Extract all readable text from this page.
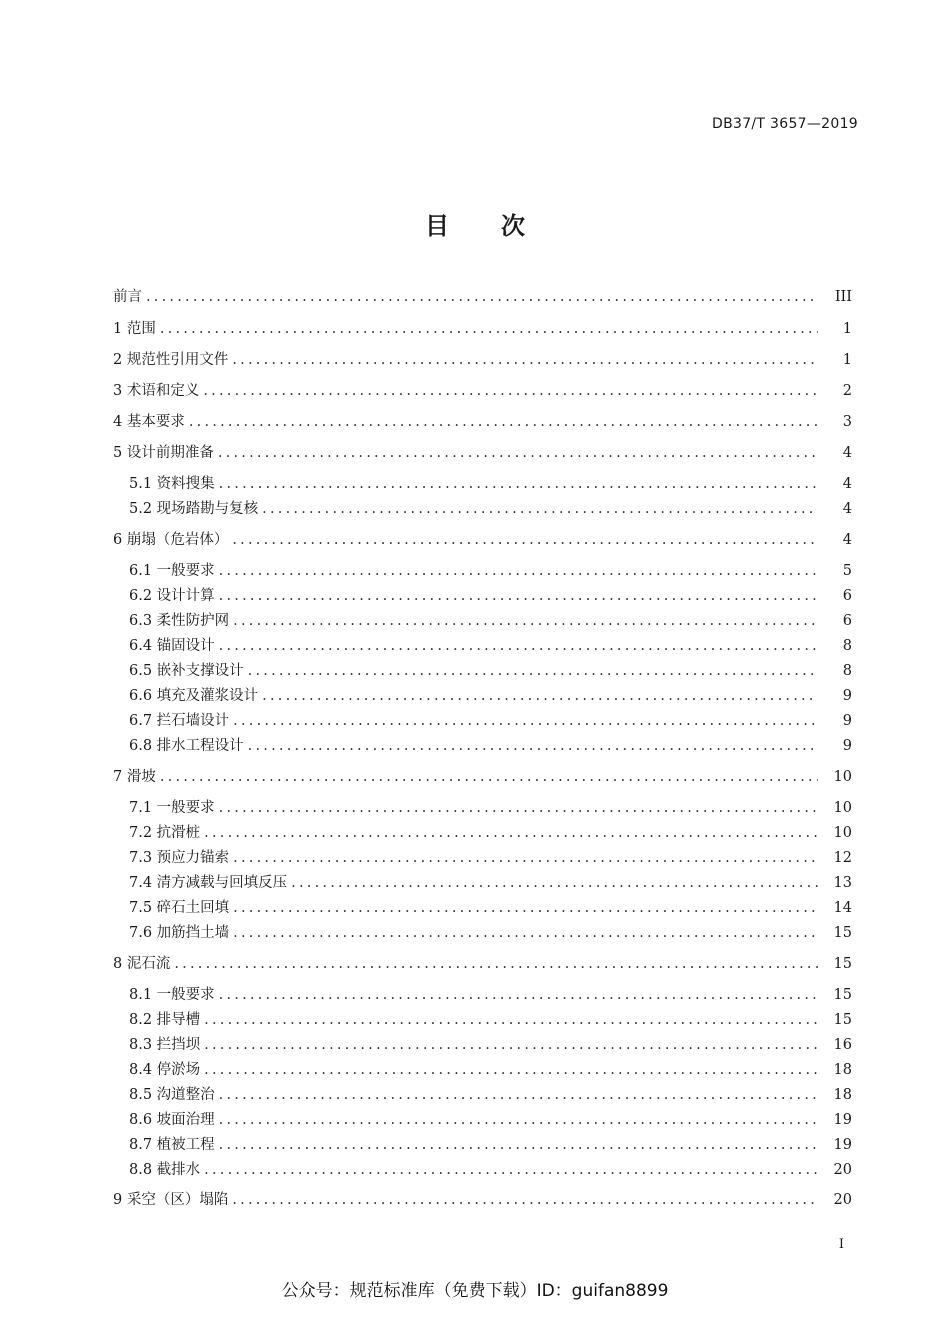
DB37/T 3657—2019
目 次
前言 .....	III
1 范围 .....	1
2 规范性引用文件 .....	1
3 术语和定义 .....	2
4 基本要求 .....	3
5 设计前期准备 .....	4
5.1 资料搜集 .....	4
5.2 现场踏勘与复核 .....	4
6 崩塌（危岩体） .....	4
6.1 一般要求 .....	5
6.2 设计计算 .....	6
6.3 柔性防护网 .....	6
6.4 锚固设计 .....	8
6.5 嵌补支撑设计 .....	8
6.6 填充及灌浆设计 .....	9
6.7 拦石墙设计 .....	9
6.8 排水工程设计 .....	9
7 滑坡 .....	10
7.1 一般要求 .....	10
7.2 抗滑桩 .....	10
7.3 预应力锚索 .....	12
7.4 清方减载与回填反压 .....	13
7.5 碎石土回填 .....	14
7.6 加筋挡土墙 .....	15
8 泥石流 .....	15
8.1 一般要求 .....	15
8.2 排导槽 .....	15
8.3 拦挡坝 .....	16
8.4 停淤场 .....	18
8.5 沟道整治 .....	18
8.6 坡面治理 .....	19
8.7 植被工程 .....	19
8.8 截排水 .....	20
9 采空（区）塌陷 .....	20
I
公众号：规范标准库（免费下载）ID：guifan8899
